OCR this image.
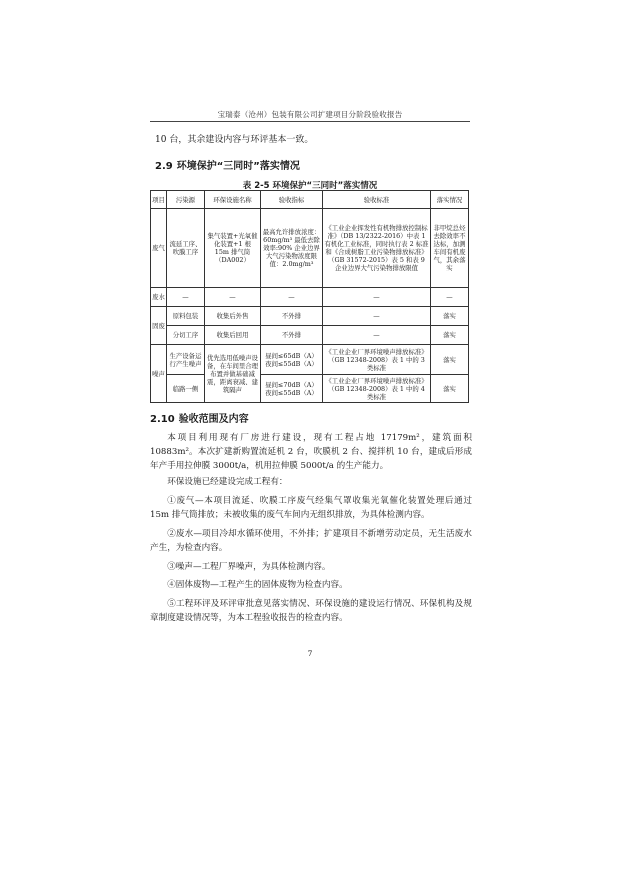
宝瑞泰（沧州）包装有限公司扩建项目分阶段验收报告

10 台，其余建设内容与环评基本一致。

2.9 环境保护“三同时”落实情况
表 2-5 环境保护“三同时”落实情况
项目	污染源	环保设施名称	验收指标	验收标准	落实情况
废气	流延工序、吹膜工序	集气装置+光氧催化装置+1 根 15m 排气筒（DA002）	最高允许排放浓度：60mg/m³ 最低去除效率:90% 企业边界大气污染物浓度限值：2.0mg/m³	《工业企业挥发性有机物排放控制标准》（DB 13/2322-2016）中表 1 有机化工业标准，同时执行表 2 标准和《合成树脂工业污染物排放标准》（GB 31572-2015）表 5 和表 9 企业边界大气污染物排放限值	非甲烷总烃去除效率不达标，加测车间有机废气，其余落实
废水	—	—	—	—	—
固废	原料包装	收集后外售	不外排	—	落实
	分切工序	收集后回用	不外排	—	落实
噪声	生产设备运行产生噪声	优先选用低噪声设备，在车间里合理布置并做基础减震，距离衰减、建筑隔声	昼间≤65dB（A） 夜间≤55dB（A）	《工业企业厂界环境噪声排放标准》（GB 12348-2008）表 1 中的 3 类标准	落实
	临路一侧		昼间≤70dB（A） 夜间≤55dB（A）	《工业企业厂界环境噪声排放标准》（GB 12348-2008）表 1 中的 4 类标准	落实
2.10 验收范围及内容

本项目利用现有厂房进行建设，现有工程占地 17179m²，建筑面积 10883m²。本次扩建新购置流延机 2 台，吹膜机 2 台、搅拌机 10 台，建成后形成年产手用拉伸膜 3000t/a，机用拉伸膜 5000t/a 的生产能力。

环保设施已经建设完成工程有：

①废气—本项目流延、吹膜工序废气经集气罩收集光氧催化装置处理后通过 15m 排气筒排放；未被收集的废气车间内无组织排放，为具体检测内容。

②废水—项目冷却水循环使用，不外排；扩建项目不新增劳动定员，无生活废水产生，为检查内容。

③噪声—工程厂界噪声，为具体检测内容。

④固体废物—工程产生的固体废物为检查内容。

⑤工程环评及环评审批意见落实情况、环保设施的建设运行情况、环保机构及规章制度建设情况等，为本工程验收报告的检查内容。

7
